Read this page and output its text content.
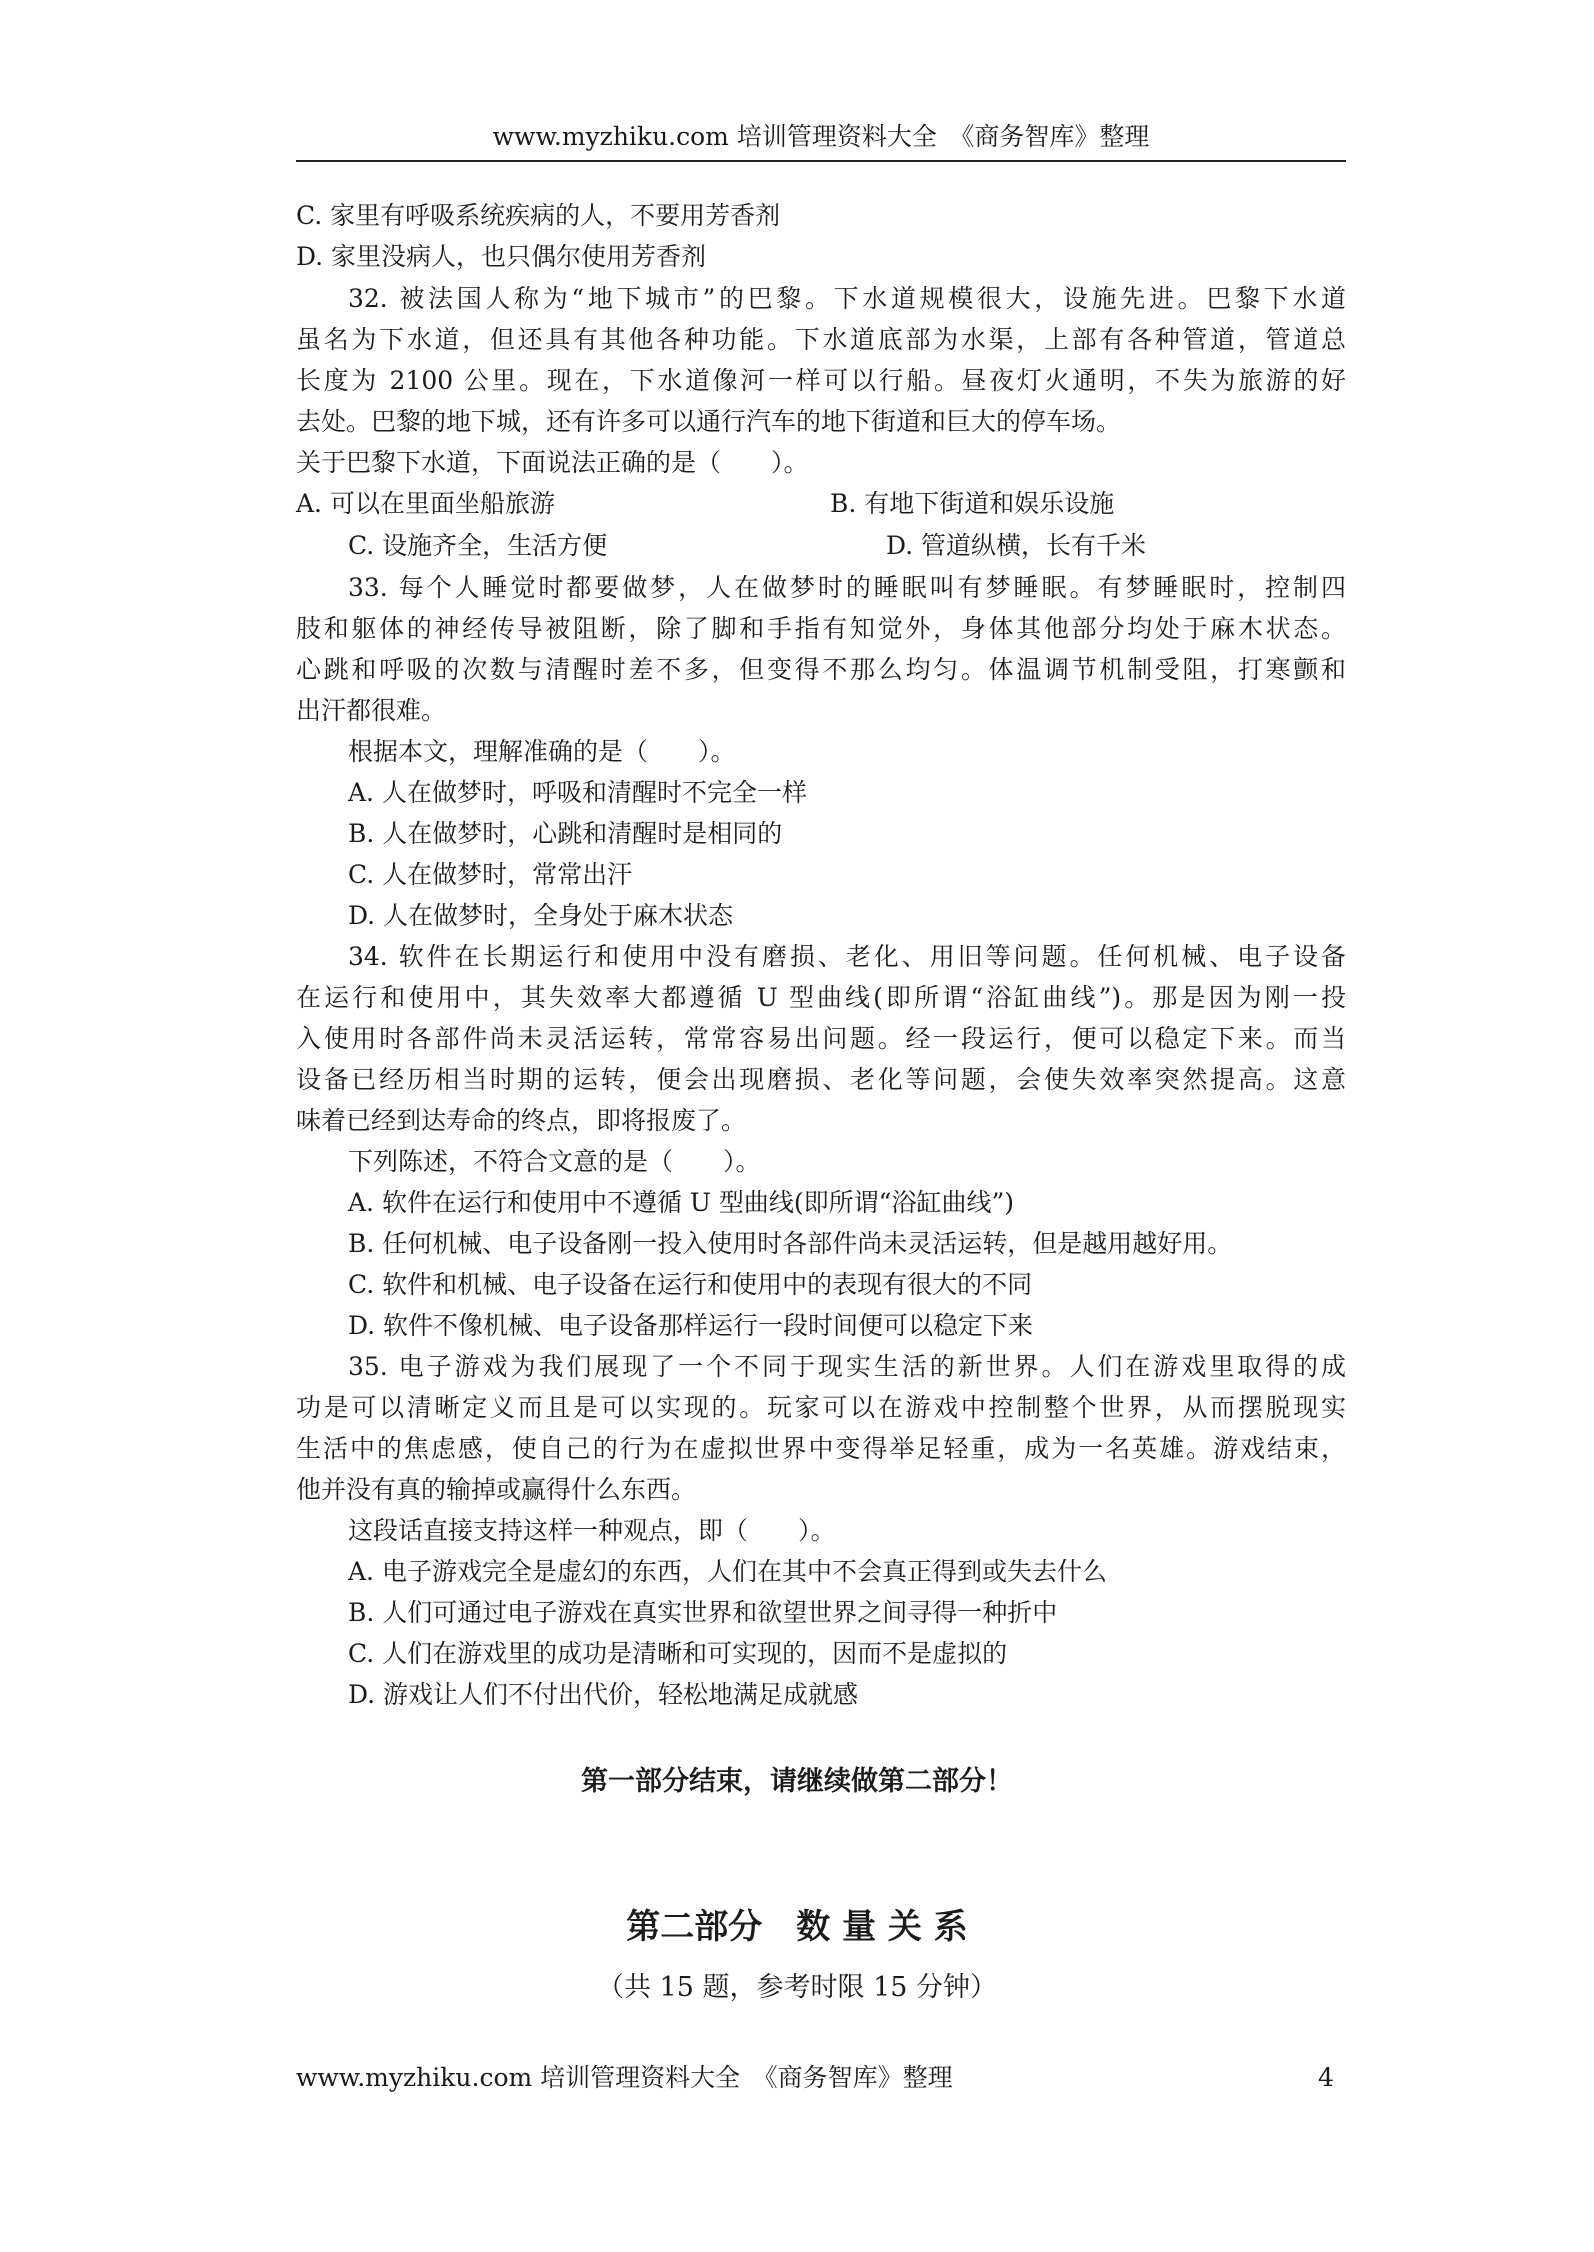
www.myzhiku.com 培训管理资料大全　《商务智库》整理
C. 家里有呼吸系统疾病的人，不要用芳香剂
D. 家里没病人，也只偶尔使用芳香剂
32. 被法国人称为“地下城市”的巴黎。下水道规模很大，设施先进。巴黎下水道
虽名为下水道，但还具有其他各种功能。下水道底部为水渠，上部有各种管道，管道总
长度为 2100 公里。现在，下水道像河一样可以行船。昼夜灯火通明，不失为旅游的好
去处。巴黎的地下城，还有许多可以通行汽车的地下街道和巨大的停车场。
关于巴黎下水道，下面说法正确的是（　　）。
A. 可以在里面坐船旅游	B. 有地下街道和娱乐设施
C. 设施齐全，生活方便	D. 管道纵横，长有千米
33. 每个人睡觉时都要做梦，人在做梦时的睡眠叫有梦睡眠。有梦睡眠时，控制四
肢和躯体的神经传导被阻断，除了脚和手指有知觉外，身体其他部分均处于麻木状态。
心跳和呼吸的次数与清醒时差不多，但变得不那么均匀。体温调节机制受阻，打寒颤和
出汗都很难。
根据本文，理解准确的是（　　）。
A. 人在做梦时，呼吸和清醒时不完全一样
B. 人在做梦时，心跳和清醒时是相同的
C. 人在做梦时，常常出汗
D. 人在做梦时，全身处于麻木状态
34. 软件在长期运行和使用中没有磨损、老化、用旧等问题。任何机械、电子设备
在运行和使用中，其失效率大都遵循 U 型曲线(即所谓“浴缸曲线”)。那是因为刚一投
入使用时各部件尚未灵活运转，常常容易出问题。经一段运行，便可以稳定下来。而当
设备已经历相当时期的运转，便会出现磨损、老化等问题，会使失效率突然提高。这意
味着已经到达寿命的终点，即将报废了。
下列陈述，不符合文意的是（　　）。
A. 软件在运行和使用中不遵循 U 型曲线(即所谓“浴缸曲线”)
B. 任何机械、电子设备刚一投入使用时各部件尚未灵活运转，但是越用越好用。
C. 软件和机械、电子设备在运行和使用中的表现有很大的不同
D. 软件不像机械、电子设备那样运行一段时间便可以稳定下来
35. 电子游戏为我们展现了一个不同于现实生活的新世界。人们在游戏里取得的成
功是可以清晰定义而且是可以实现的。玩家可以在游戏中控制整个世界，从而摆脱现实
生活中的焦虑感，使自己的行为在虚拟世界中变得举足轻重，成为一名英雄。游戏结束，
他并没有真的输掉或赢得什么东西。
这段话直接支持这样一种观点，即（　　）。
A. 电子游戏完全是虚幻的东西，人们在其中不会真正得到或失去什么
B. 人们可通过电子游戏在真实世界和欲望世界之间寻得一种折中
C. 人们在游戏里的成功是清晰和可实现的，因而不是虚拟的
D. 游戏让人们不付出代价，轻松地满足成就感
第一部分结束，请继续做第二部分！
第二部分　数 量 关 系
（共 15 题，参考时限 15 分钟）
www.myzhiku.com 培训管理资料大全　《商务智库》整理	4
